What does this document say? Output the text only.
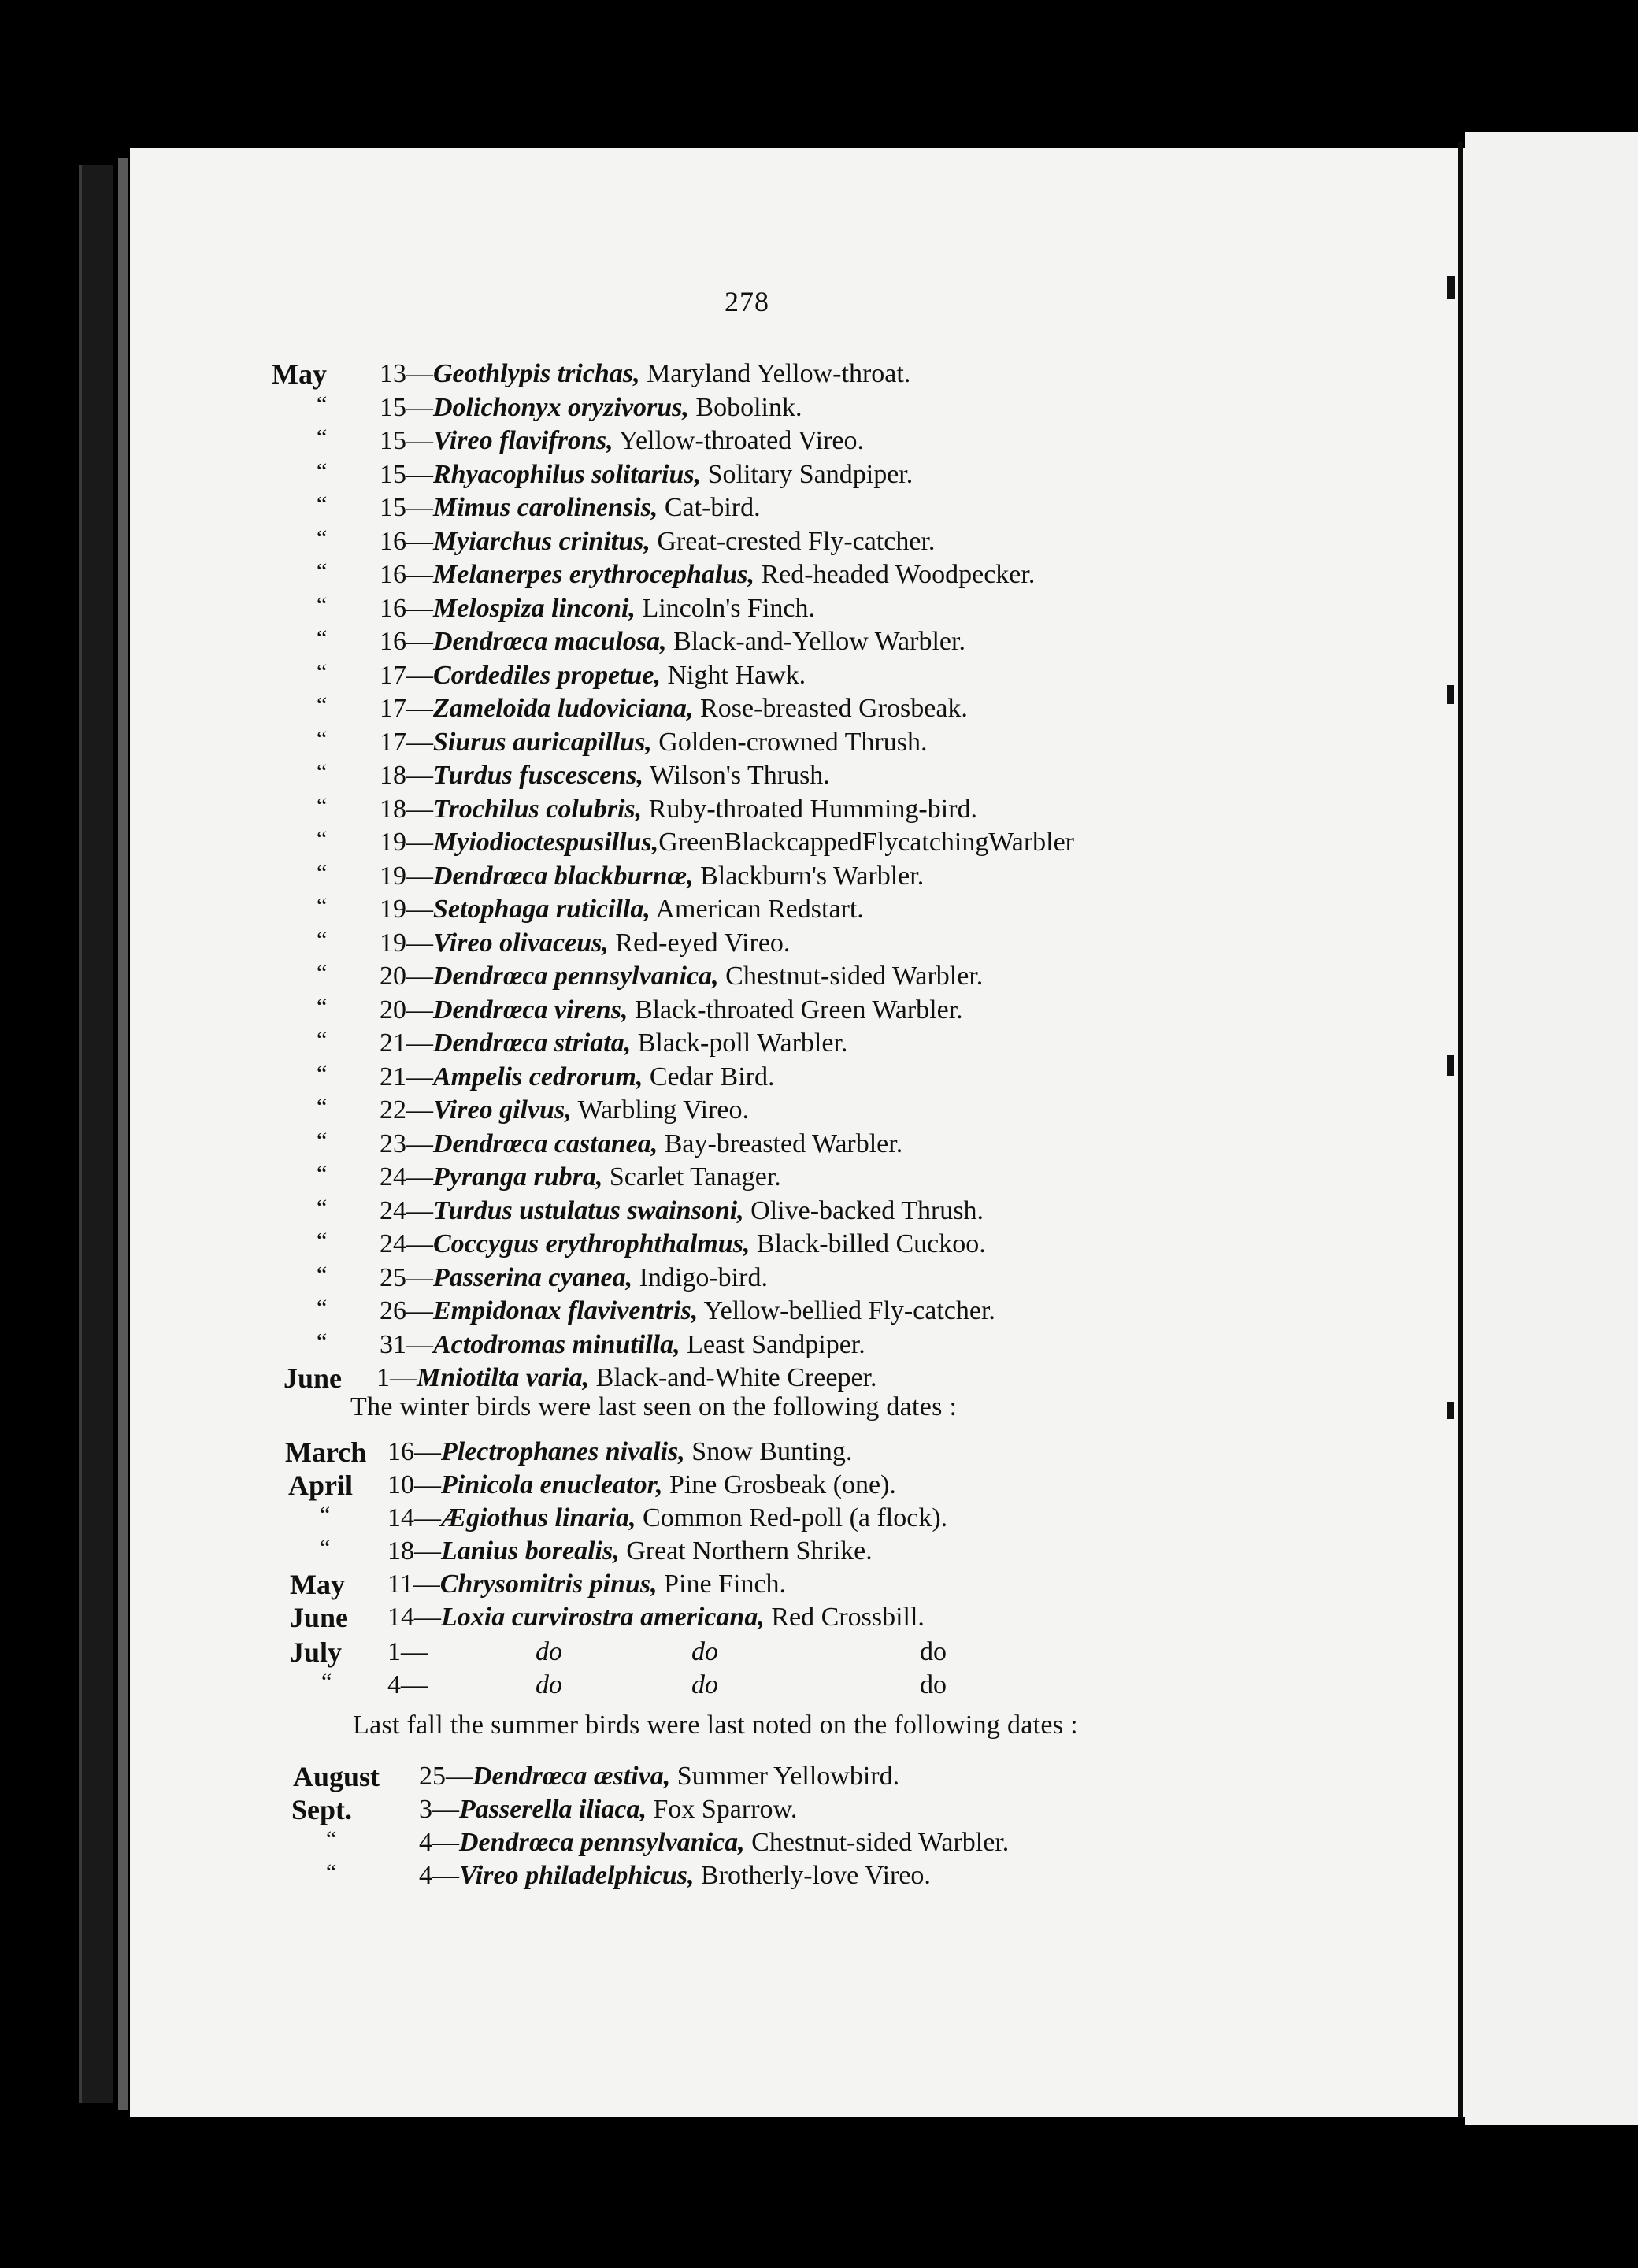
278
May 13—Geothlypis trichas, Maryland Yellow-throat.
“ 15—Dolichonyx oryzivorus, Bobolink.
“ 15—Vireo flavifrons, Yellow-throated Vireo.
“ 15—Rhyacophilus solitarius, Solitary Sandpiper.
“ 15—Mimus carolinensis, Cat-bird.
“ 16—Myiarchus crinitus, Great-crested Fly-catcher.
“ 16—Melanerpes erythrocephalus, Red-headed Woodpecker.
“ 16—Melospiza linconi, Lincoln's Finch.
“ 16—Dendrœca maculosa, Black-and-Yellow Warbler.
“ 17—Cordediles propetue, Night Hawk.
“ 17—Zameloida ludoviciana, Rose-breasted Grosbeak.
“ 17—Siurus auricapillus, Golden-crowned Thrush.
“ 18—Turdus fuscescens, Wilson's Thrush.
“ 18—Trochilus colubris, Ruby-throated Humming-bird.
“ 19—Myiodioctespusillus,GreenBlackcappedFlycatchingWarbler
“ 19—Dendrœca blackburnæ, Blackburn's Warbler.
“ 19—Setophaga ruticilla, American Redstart.
“ 19—Vireo olivaceus, Red-eyed Vireo.
“ 20—Dendrœca pennsylvanica, Chestnut-sided Warbler.
“ 20—Dendrœca virens, Black-throated Green Warbler.
“ 21—Dendrœca striata, Black-poll Warbler.
“ 21—Ampelis cedrorum, Cedar Bird.
“ 22—Vireo gilvus, Warbling Vireo.
“ 23—Dendrœca castanea, Bay-breasted Warbler.
“ 24—Pyranga rubra, Scarlet Tanager.
“ 24—Turdus ustulatus swainsoni, Olive-backed Thrush.
“ 24—Coccygus erythrophthalmus, Black-billed Cuckoo.
“ 25—Passerina cyanea, Indigo-bird.
“ 26—Empidonax flaviventris, Yellow-bellied Fly-catcher.
“ 31—Actodromas minutilla, Least Sandpiper.
June 1—Mniotilta varia, Black-and-White Creeper.
The winter birds were last seen on the following dates :
March 16—Plectrophanes nivalis, Snow Bunting.
April 10—Pinicola enucleator, Pine Grosbeak (one).
“ 14—Ægiothus linaria, Common Red-poll (a flock).
“ 18—Lanius borealis, Great Northern Shrike.
May 11—Chrysomitris pinus, Pine Finch.
June 14—Loxia curvirostra americana, Red Crossbill.
July 1—	do	do	do
“ 4—	do	do	do
Last fall the summer birds were last noted on the following dates :
August 25—Dendrœca æstiva, Summer Yellowbird.
Sept. 3—Passerella iliaca, Fox Sparrow.
“	4—Dendrœca pennsylvanica, Chestnut-sided Warbler.
“	4—Vireo philadelphicus, Brotherly-love Vireo.
